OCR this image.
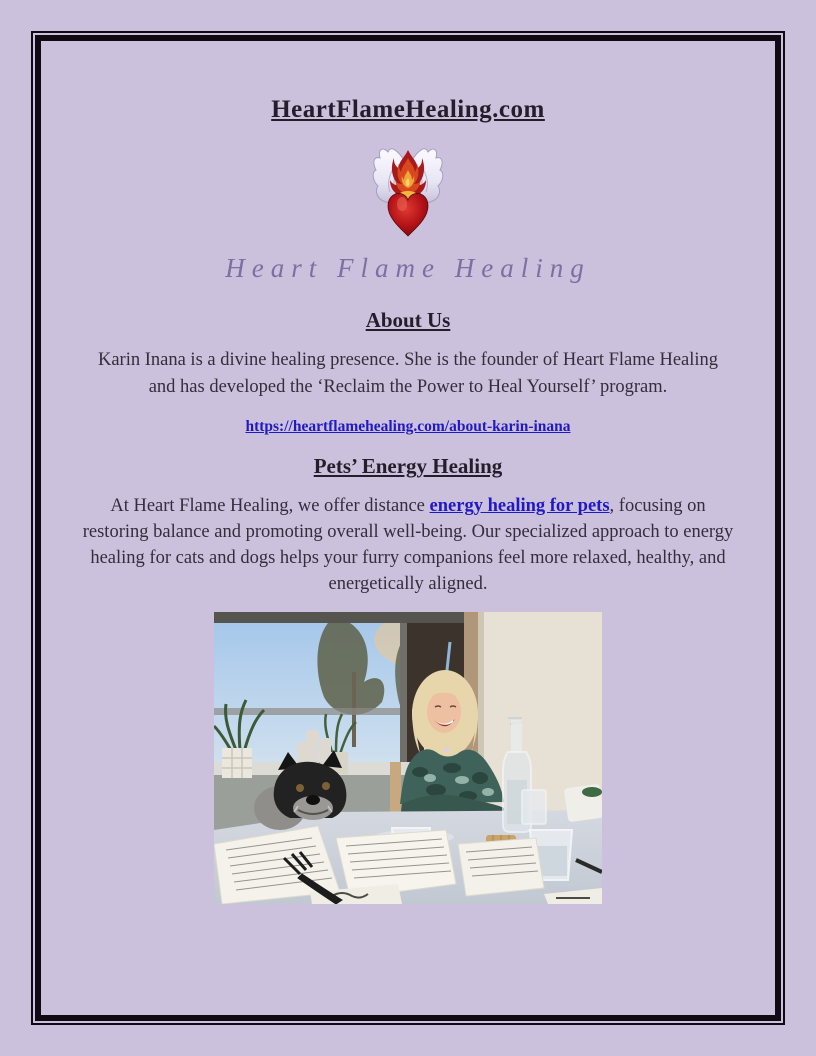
HeartFlameHealing.com
Heart Flame Healing
About Us
Karin Inana is a divine healing presence. She is the founder of Heart Flame Healing and has developed the ‘Reclaim the Power to Heal Yourself’ program.
https://heartflamehealing.com/about-karin-inana
Pets’ Energy Healing
At Heart Flame Healing, we offer distance energy healing for pets, focusing on restoring balance and promoting overall well-being. Our specialized approach to energy healing for cats and dogs helps your furry companions feel more relaxed, healthy, and energetically aligned.
